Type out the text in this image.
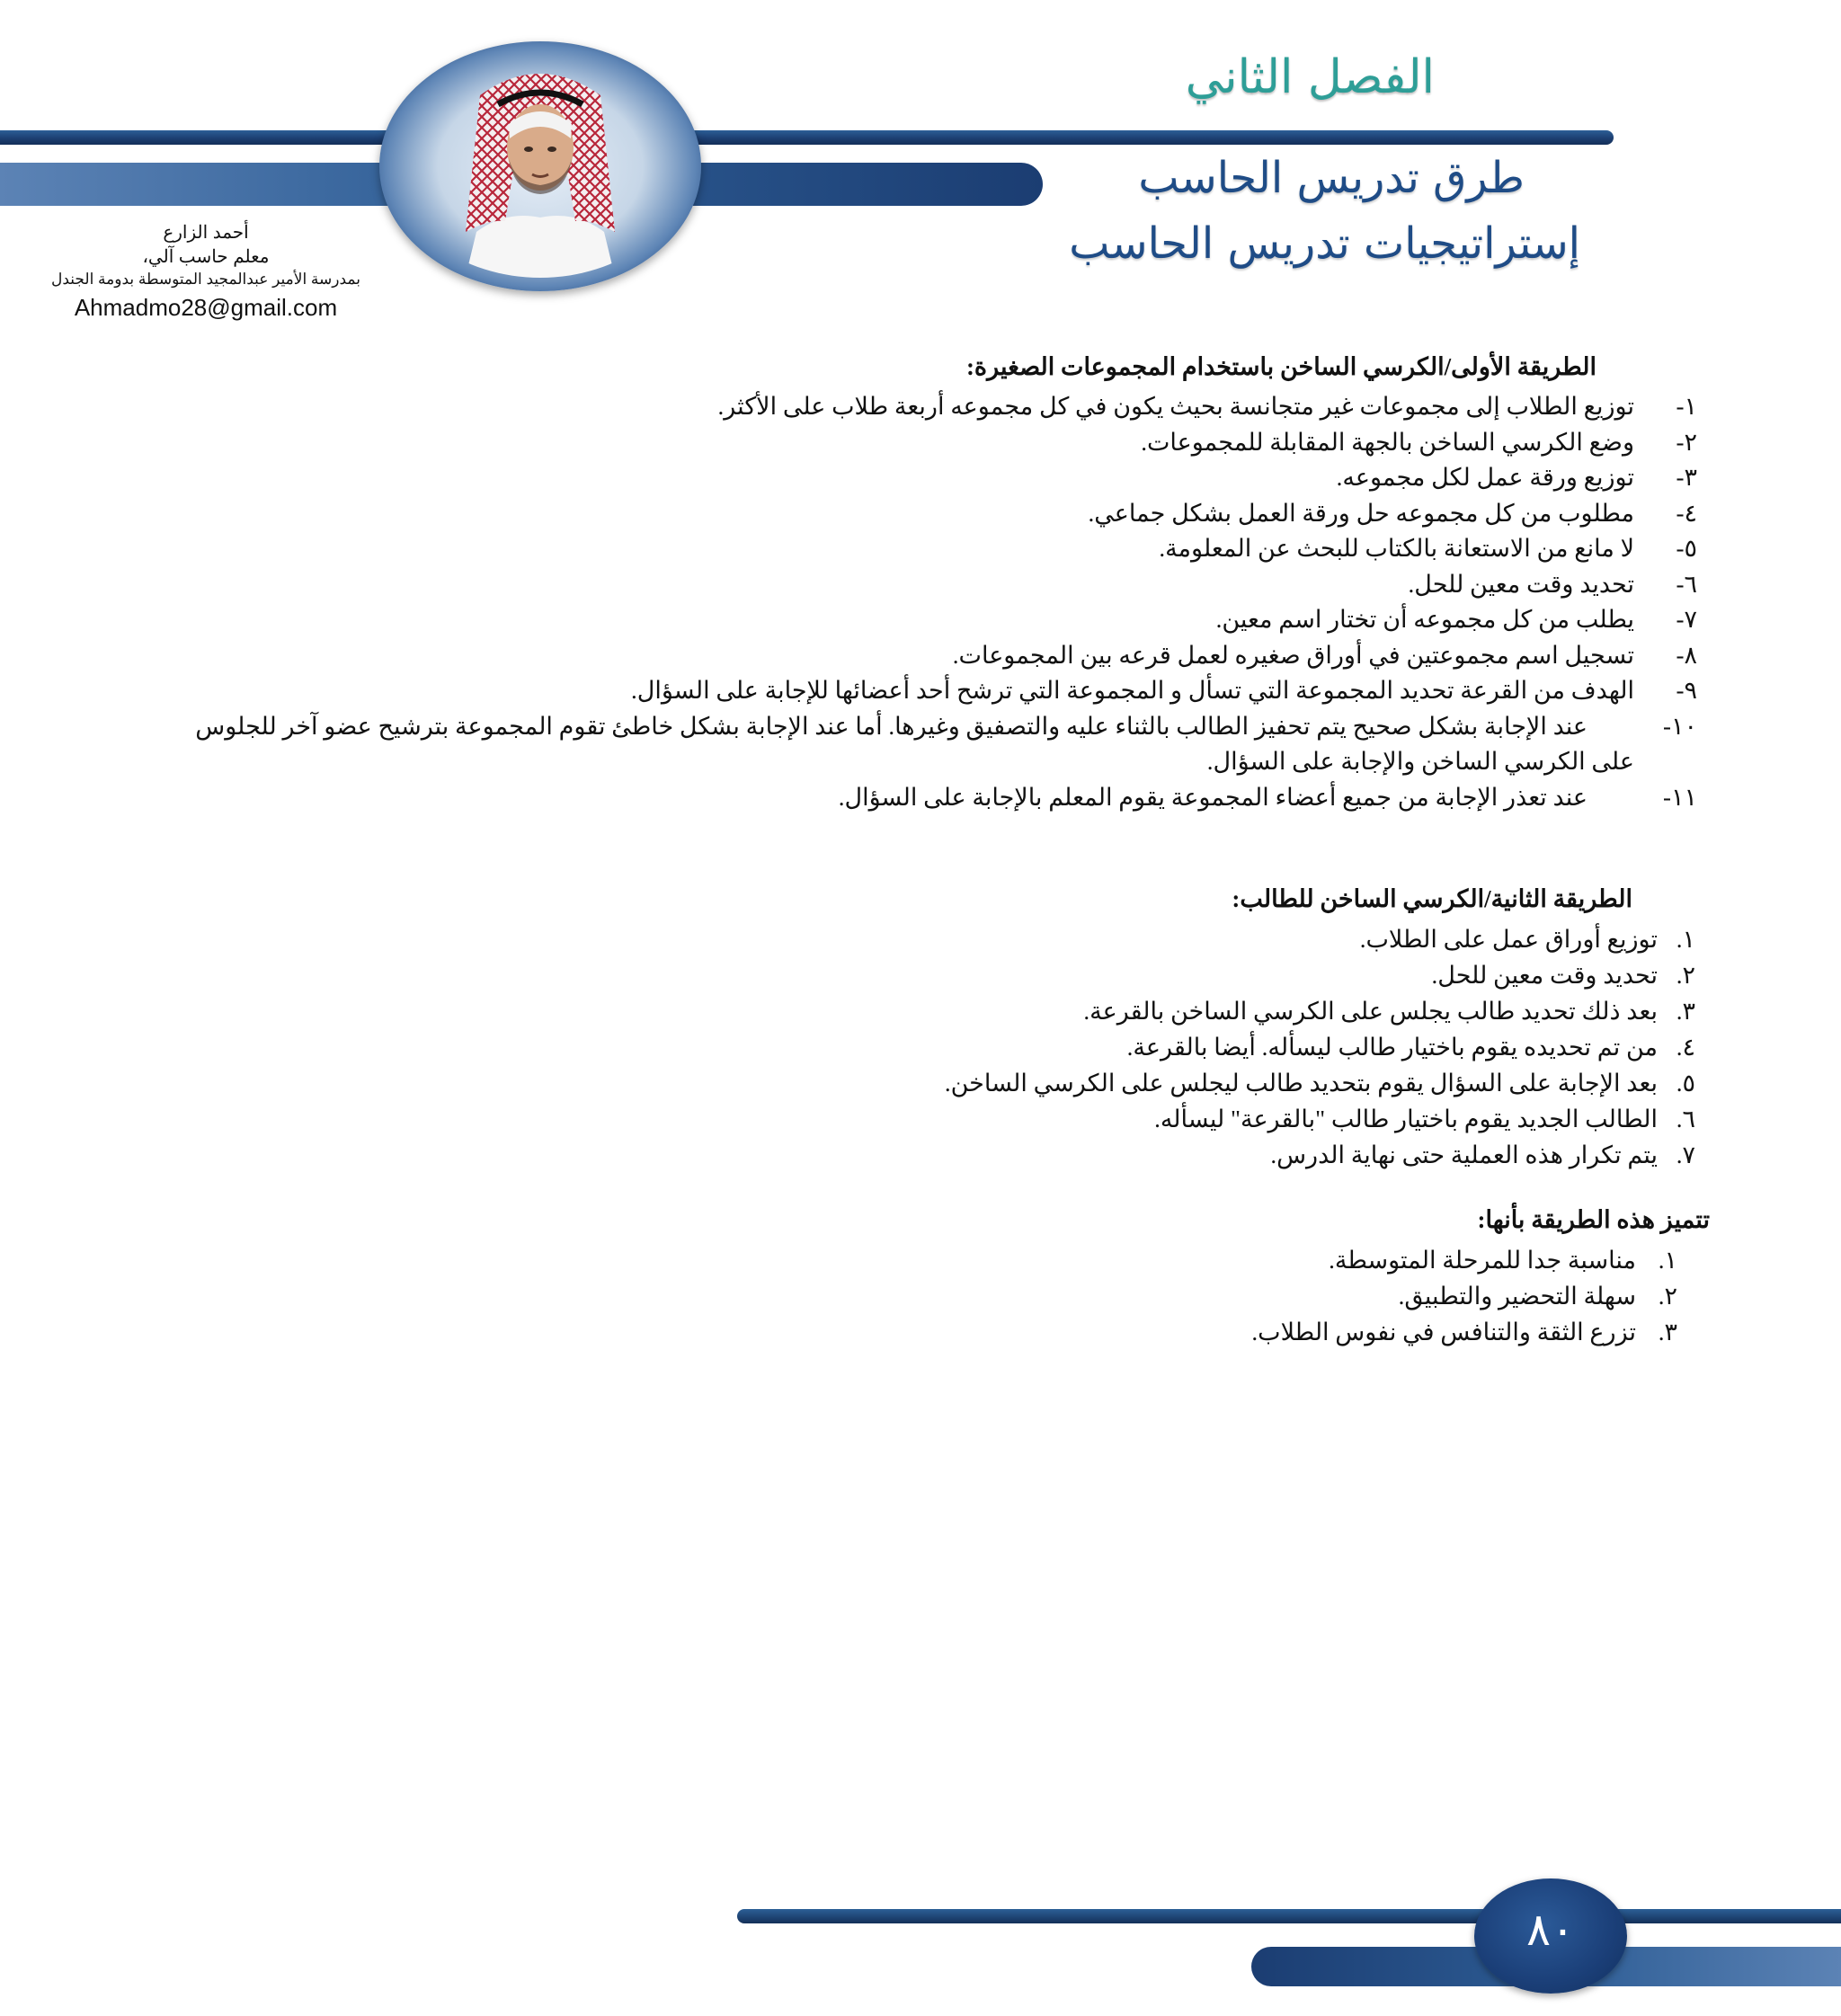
الفصل الثاني
طرق تدريس الحاسب
إستراتيجيات تدريس الحاسب
أحمد الزارع
معلم حاسب آلي،
بمدرسة الأمير عبدالمجيد المتوسطة بدومة الجندل
Ahmadmo28@gmail.com
الطريقة الأولى/الكرسي الساخن باستخدام المجموعات الصغيرة:
١-
توزيع الطلاب إلى مجموعات غير متجانسة بحيث يكون في كل مجموعه أربعة طلاب على الأكثر.
٢-
وضع الكرسي الساخن بالجهة المقابلة للمجموعات.
٣-
توزيع ورقة عمل لكل مجموعه.
٤-
مطلوب من كل مجموعه حل ورقة العمل بشكل جماعي.
٥-
لا مانع من الاستعانة بالكتاب للبحث عن المعلومة.
٦-
تحديد وقت معين للحل.
٧-
يطلب من كل مجموعه أن تختار اسم معين.
٨-
تسجيل اسم مجموعتين في أوراق صغيره لعمل قرعه بين المجموعات.
٩-
الهدف من القرعة تحديد المجموعة التي تسأل و المجموعة التي ترشح أحد أعضائها للإجابة على السؤال.
١٠-
عند الإجابة بشكل صحيح يتم تحفيز الطالب بالثناء عليه والتصفيق وغيرها. أما عند الإجابة بشكل خاطئ تقوم المجموعة بترشيح عضو آخر للجلوس
على الكرسي الساخن والإجابة على السؤال.
١١-
عند تعذر الإجابة من جميع أعضاء المجموعة يقوم المعلم بالإجابة على السؤال.
الطريقة الثانية/الكرسي الساخن للطالب:
١.
توزيع أوراق عمل على الطلاب.
٢.
تحديد وقت معين للحل.
٣.
بعد ذلك تحديد طالب يجلس على الكرسي الساخن بالقرعة.
٤.
من تم تحديده يقوم باختيار طالب ليسأله. أيضا بالقرعة.
٥.
بعد الإجابة على السؤال يقوم بتحديد طالب ليجلس على الكرسي الساخن.
٦.
الطالب الجديد يقوم باختيار طالب "بالقرعة" ليسأله.
٧.
يتم تكرار هذه العملية حتى نهاية الدرس.
تتميز هذه الطريقة بأنها:
١.
مناسبة جدا للمرحلة المتوسطة.
٢.
سهلة التحضير والتطبيق.
٣.
تزرع الثقة والتنافس في نفوس الطلاب.
٨٠
